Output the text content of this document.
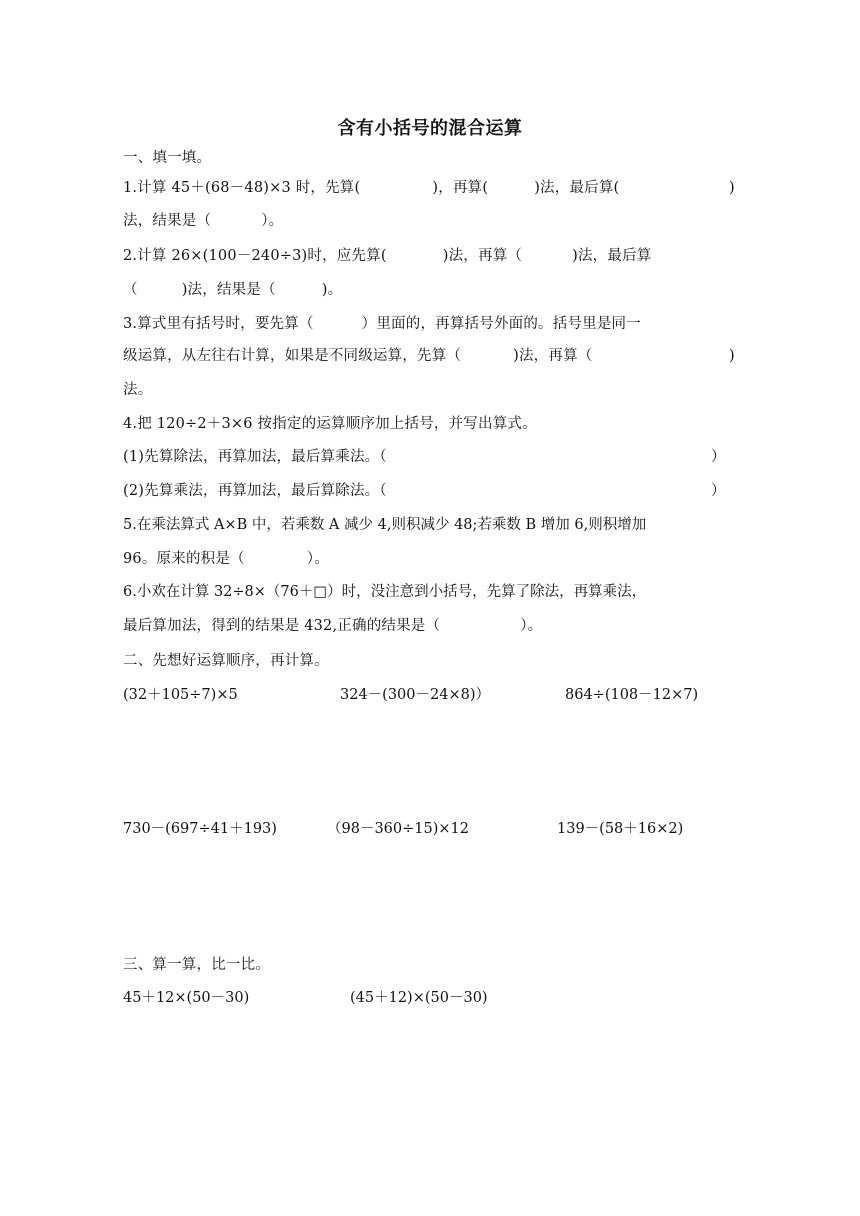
含有小括号的混合运算
一、填一填。
1.计算 45＋(68－48)×3 时，先算(	)，再算(	)法，最后算(	)
法，结果是（	）。
2.计算 26×(100－240÷3)时，应先算(	)法，再算（	)法，最后算
（	)法，结果是（	)。
3.算式里有括号时，要先算（	）里面的，再算括号外面的。括号里是同一
级运算，从左往右计算，如果是不同级运算，先算（	)法，再算（	)
法。
4.把 120÷2＋3×6 按指定的运算顺序加上括号，并写出算式。
(1)先算除法，再算加法，最后算乘法。（	）
(2)先算乘法，再算加法，最后算除法。（	）
5.在乘法算式 A×B 中，若乘数 A 减少 4,则积减少 48;若乘数 B 增加 6,则积增加
96。原来的积是（	）。
6.小欢在计算 32÷8×（76＋□）时，没注意到小括号，先算了除法，再算乘法，
最后算加法，得到的结果是 432,正确的结果是（	）。
二、先想好运算顺序，再计算。
(32＋105÷7)×5	324－(300－24×8)）	864÷(108－12×7)
730－(697÷41＋193)	（98－360÷15)×12	139－(58＋16×2)
三、算一算，比一比。
45＋12×(50－30)	(45＋12)×(50－30)
